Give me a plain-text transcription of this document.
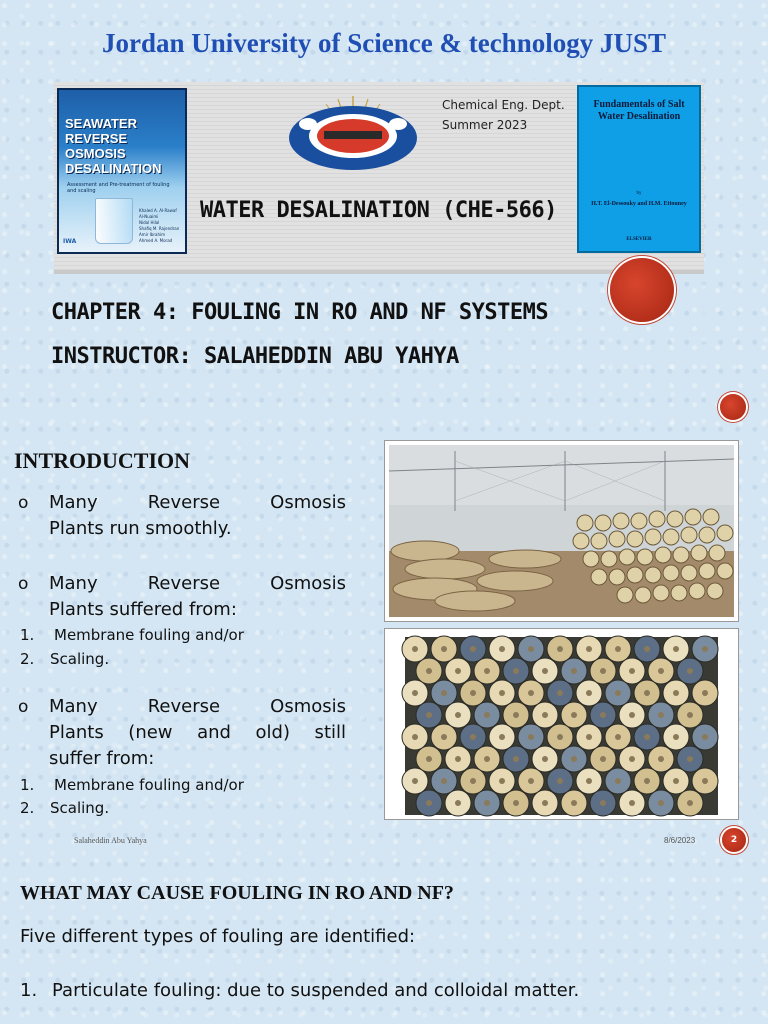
Jordan University of Science & technology JUST
SEAWATER REVERSE OSMOSIS DESALINATION
Assessment and Pre-treatment of fouling and scaling
IWA
Khaled A. Al-Rawaf Al-Nuaimi
Nidal Hilal
Shafiq M. Rajendran
Amir Ibrahim
Ahmed A. Morad
Chemical Eng. Dept.
Summer 2023
WATER DESALINATION (CHE-566)
Fundamentals of Salt Water Desalination
by
H.T. El-Dessouky and H.M. Ettouney
ELSEVIER
CHAPTER 4: FOULING IN RO AND NF SYSTEMS
INSTRUCTOR: SALAHEDDIN ABU YAHYA
INTRODUCTION
o Many Reverse Osmosis
Plants run smoothly.
o Many Reverse Osmosis
Plants suffered from:
1. Membrane fouling and/or
2. Scaling.
o Many Reverse Osmosis
Plants (new and old) still
suffer from:
1. Membrane fouling and/or
2. Scaling.
Salaheddin Abu Yahya	8/6/2023	2
WHAT MAY CAUSE FOULING IN RO AND NF?
Five different types of fouling are identified:
1. Particulate fouling: due to suspended and colloidal matter.
